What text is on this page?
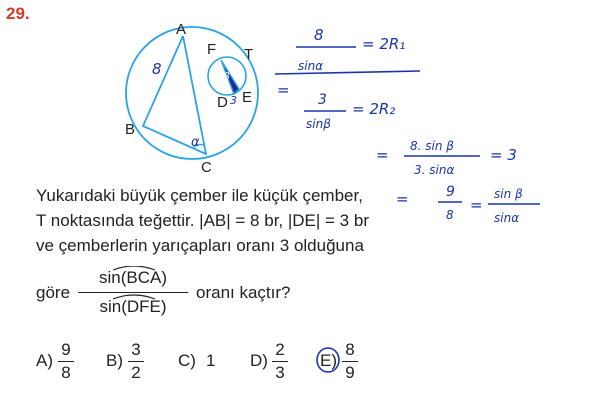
29.
A
B
C
F T
D E
8
α
β
3
8
sinα
= 2R₁
=
3
sinβ
= 2R₂
= 8. sin β
3. sinα
= 3
=	9
8
=
sin β
sinα
Yukarıdaki büyük çember ile küçük çember,
T noktasında teğettir. |AB| = 8 br, |DE| = 3 br
ve çemberlerin yarıçapları oranı 3 olduğuna
göre
sin(BCA)
sin(DFE)
oranı kaçtır?
A)
9
8
B)
3
2
C) 1 D)
2
3
E)
8
9
